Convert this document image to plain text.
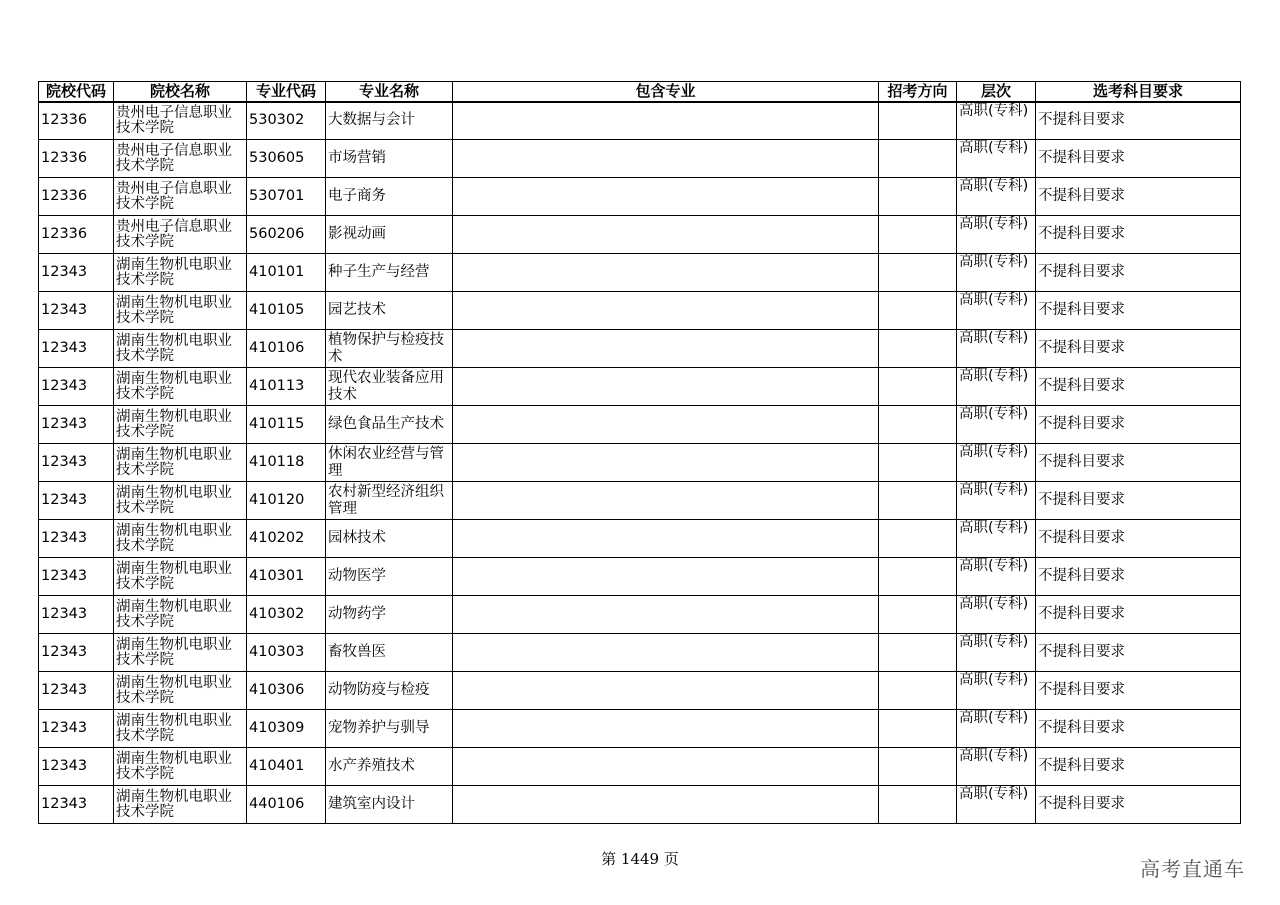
院校代码	院校名称	专业代码	专业名称	包含专业	招考方向	层次	选考科目要求
12336	贵州电子信息职业技术学院	530302	大数据与会计			高职(专科)	不提科目要求
12336	贵州电子信息职业技术学院	530605	市场营销			高职(专科)	不提科目要求
12336	贵州电子信息职业技术学院	530701	电子商务			高职(专科)	不提科目要求
12336	贵州电子信息职业技术学院	560206	影视动画			高职(专科)	不提科目要求
12343	湖南生物机电职业技术学院	410101	种子生产与经营			高职(专科)	不提科目要求
12343	湖南生物机电职业技术学院	410105	园艺技术			高职(专科)	不提科目要求
12343	湖南生物机电职业技术学院	410106	植物保护与检疫技术			高职(专科)	不提科目要求
12343	湖南生物机电职业技术学院	410113	现代农业装备应用技术			高职(专科)	不提科目要求
12343	湖南生物机电职业技术学院	410115	绿色食品生产技术			高职(专科)	不提科目要求
12343	湖南生物机电职业技术学院	410118	休闲农业经营与管理			高职(专科)	不提科目要求
12343	湖南生物机电职业技术学院	410120	农村新型经济组织管理			高职(专科)	不提科目要求
12343	湖南生物机电职业技术学院	410202	园林技术			高职(专科)	不提科目要求
12343	湖南生物机电职业技术学院	410301	动物医学			高职(专科)	不提科目要求
12343	湖南生物机电职业技术学院	410302	动物药学			高职(专科)	不提科目要求
12343	湖南生物机电职业技术学院	410303	畜牧兽医			高职(专科)	不提科目要求
12343	湖南生物机电职业技术学院	410306	动物防疫与检疫			高职(专科)	不提科目要求
12343	湖南生物机电职业技术学院	410309	宠物养护与驯导			高职(专科)	不提科目要求
12343	湖南生物机电职业技术学院	410401	水产养殖技术			高职(专科)	不提科目要求
12343	湖南生物机电职业技术学院	440106	建筑室内设计			高职(专科)	不提科目要求
第 1449 页	高考直通车
